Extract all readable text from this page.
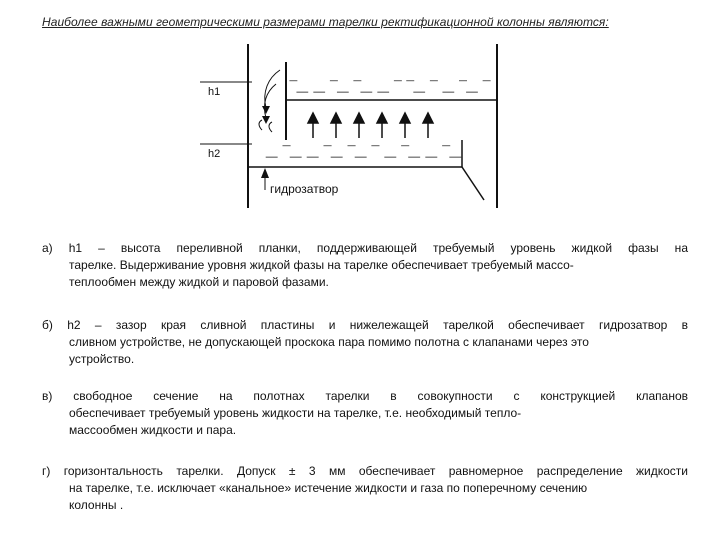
Наиболее важными геометрическими размерами тарелки ректификационной колонны являются:
h1
h2
‾_ _ ‾_ ‾_ _ ‾ ‾_ ‾ _ ‾_ ‾
_ ‾_ _ ‾_ ‾_ ‾ _ ‾_ _ ‾_
гидрозатвор
а) h1 – высота переливной планки, поддерживающей требуемый уровень жидкой фазы на
тарелке. Выдерживание уровня жидкой фазы на тарелке обеспечивает требуемый массо-
теплообмен между жидкой и паровой фазами.
б) h2 – зазор края сливной пластины и нижележащей тарелкой обеспечивает гидрозатвор в
сливном устройстве, не допускающей проскока пара помимо полотна с клапанами через это
устройство.
в) свободное сечение на полотнах тарелки в совокупности с конструкцией клапанов
обеспечивает требуемый уровень жидкости на тарелке, т.е. необходимый тепло-
массообмен жидкости и пара.
г) горизонтальность тарелки. Допуск ± 3 мм обеспечивает равномерное распределение жидкости
на тарелке, т.е. исключает «канальное» истечение жидкости и газа по поперечному сечению
колонны .
